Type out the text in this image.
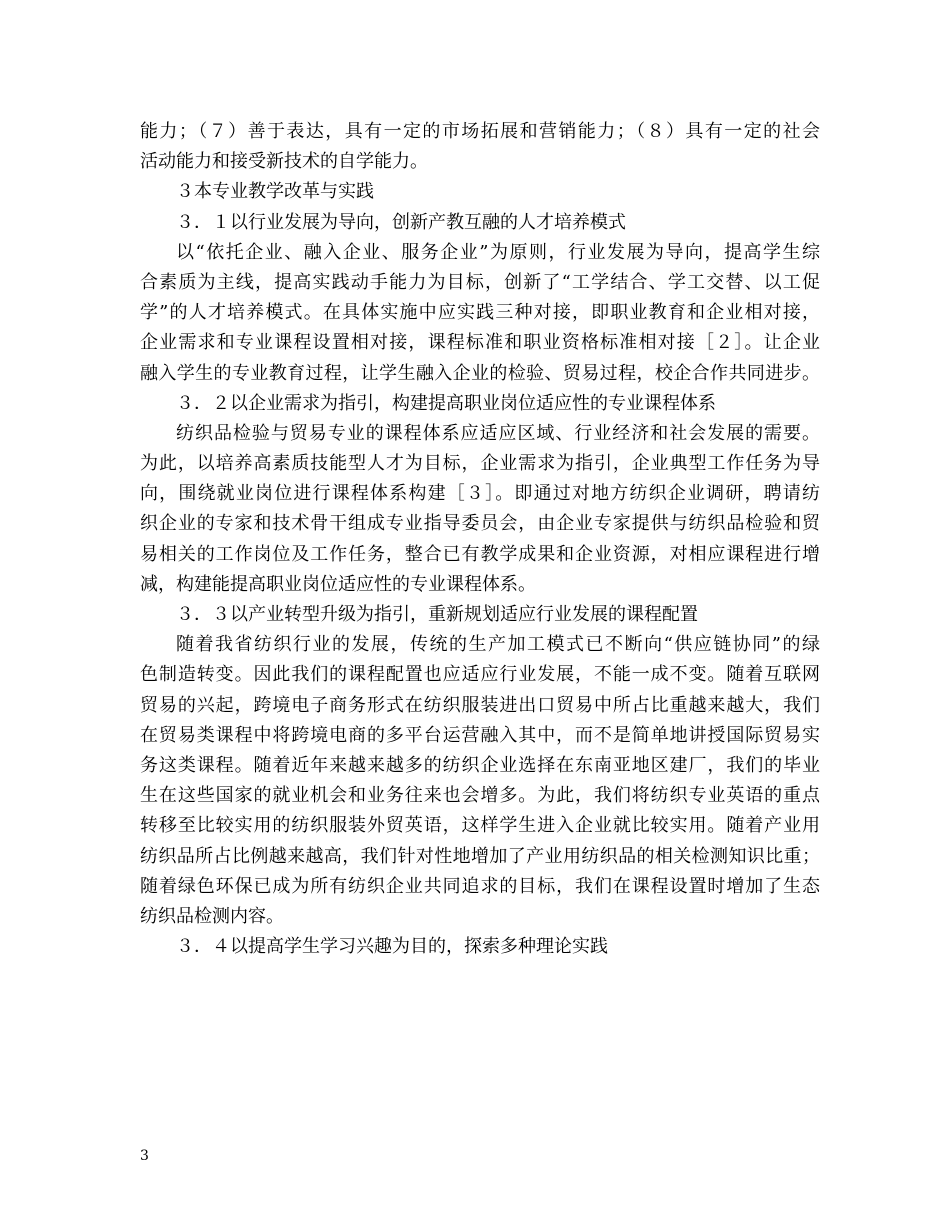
能力；（７）善于表达，具有一定的市场拓展和营销能力；（８）具有一定的社会
活动能力和接受新技术的自学能力。
３本专业教学改革与实践
３．１以行业发展为导向，创新产教互融的人才培养模式
以“依托企业、融入企业、服务企业”为原则，行业发展为导向，提高学生综
合素质为主线，提高实践动手能力为目标，创新了“工学结合、学工交替、以工促
学”的人才培养模式。在具体实施中应实践三种对接，即职业教育和企业相对接，
企业需求和专业课程设置相对接，课程标准和职业资格标准相对接［２］。让企业
融入学生的专业教育过程，让学生融入企业的检验、贸易过程，校企合作共同进步。
３．２以企业需求为指引，构建提高职业岗位适应性的专业课程体系
纺织品检验与贸易专业的课程体系应适应区域、行业经济和社会发展的需要。
为此，以培养高素质技能型人才为目标，企业需求为指引，企业典型工作任务为导
向，围绕就业岗位进行课程体系构建［３］。即通过对地方纺织企业调研，聘请纺
织企业的专家和技术骨干组成专业指导委员会，由企业专家提供与纺织品检验和贸
易相关的工作岗位及工作任务，整合已有教学成果和企业资源，对相应课程进行增
减，构建能提高职业岗位适应性的专业课程体系。
３．３以产业转型升级为指引，重新规划适应行业发展的课程配置
随着我省纺织行业的发展，传统的生产加工模式已不断向“供应链协同”的绿
色制造转变。因此我们的课程配置也应适应行业发展，不能一成不变。随着互联网
贸易的兴起，跨境电子商务形式在纺织服装进出口贸易中所占比重越来越大，我们
在贸易类课程中将跨境电商的多平台运营融入其中，而不是简单地讲授国际贸易实
务这类课程。随着近年来越来越多的纺织企业选择在东南亚地区建厂，我们的毕业
生在这些国家的就业机会和业务往来也会增多。为此，我们将纺织专业英语的重点
转移至比较实用的纺织服装外贸英语，这样学生进入企业就比较实用。随着产业用
纺织品所占比例越来越高，我们针对性地增加了产业用纺织品的相关检测知识比重；
随着绿色环保已成为所有纺织企业共同追求的目标，我们在课程设置时增加了生态
纺织品检测内容。
３．４以提高学生学习兴趣为目的，探索多种理论实践
3
